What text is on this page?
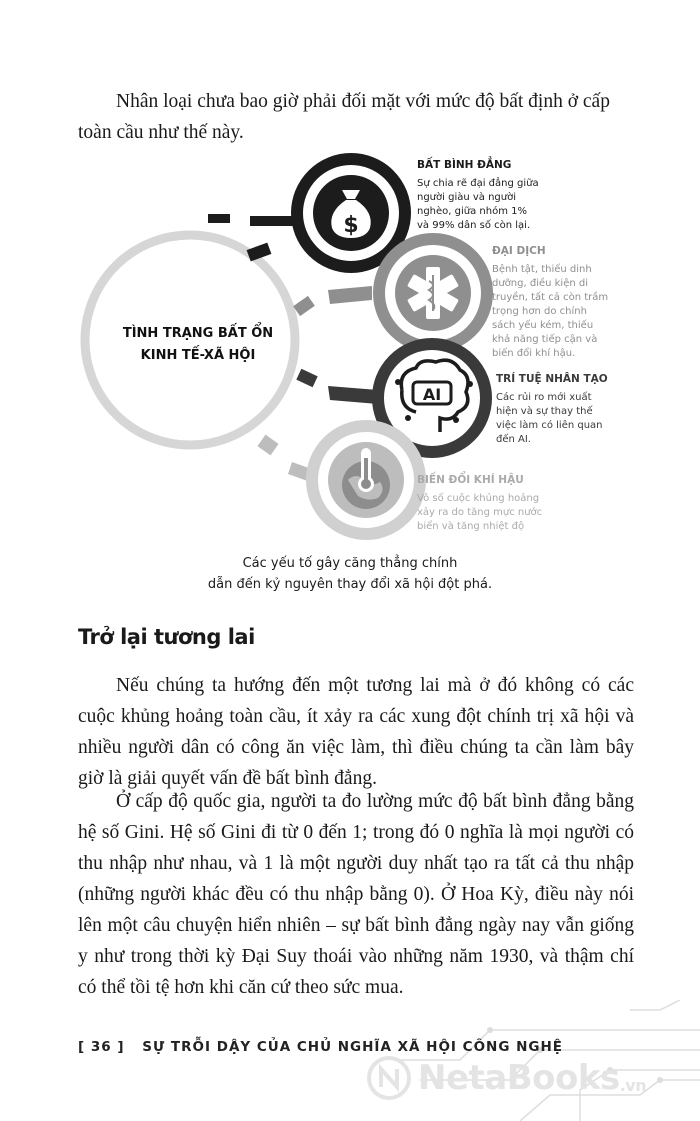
Nhân loại chưa bao giờ phải đối mặt với mức độ bất định ở cấp toàn cầu như thế này.

TÌNH TRẠNG BẤT ỔN
KINH TẾ-XÃ HỘI
$
AI
BẤT BÌNH ĐẲNG
Sự chia rẽ đại đẳng giữa
người giàu và người
nghèo, giữa nhóm 1%
và 99% dân số còn lại.
ĐẠI DỊCH
Bệnh tật, thiếu dinh
dưỡng, điều kiện di
truyền, tất cả còn trầm
trọng hơn do chính
sách yếu kém, thiếu
khả năng tiếp cận và
biến đổi khí hậu.
TRÍ TUỆ NHÂN TẠO
Các rủi ro mới xuất
hiện và sự thay thế
việc làm có liên quan
đến AI.
BIẾN ĐỔI KHÍ HẬU
Vô số cuộc khủng hoảng
xảy ra do tăng mực nước
biển và tăng nhiệt độ
Các yếu tố gây căng thẳng chính
dẫn đến kỷ nguyên thay đổi xã hội đột phá.
Trở lại tương lai

Nếu chúng ta hướng đến một tương lai mà ở đó không có các cuộc khủng hoảng toàn cầu, ít xảy ra các xung đột chính trị xã hội và nhiều người dân có công ăn việc làm, thì điều chúng ta cần làm bây giờ là giải quyết vấn đề bất bình đẳng.

Ở cấp độ quốc gia, người ta đo lường mức độ bất bình đẳng bằng hệ số Gini. Hệ số Gini đi từ 0 đến 1; trong đó 0 nghĩa là mọi người có thu nhập như nhau, và 1 là một người duy nhất tạo ra tất cả thu nhập (những người khác đều có thu nhập bằng 0). Ở Hoa Kỳ, điều này nói lên một câu chuyện hiển nhiên – sự bất bình đẳng ngày nay vẫn giống y như trong thời kỳ Đại Suy thoái vào những năm 1930, và thậm chí có thể tồi tệ hơn khi căn cứ theo sức mua.

[ 36 ] SỰ TRỖI DẬY CỦA CHỦ NGHĨA XÃ HỘI CÔNG NGHỆ
NetaBooks .vn
